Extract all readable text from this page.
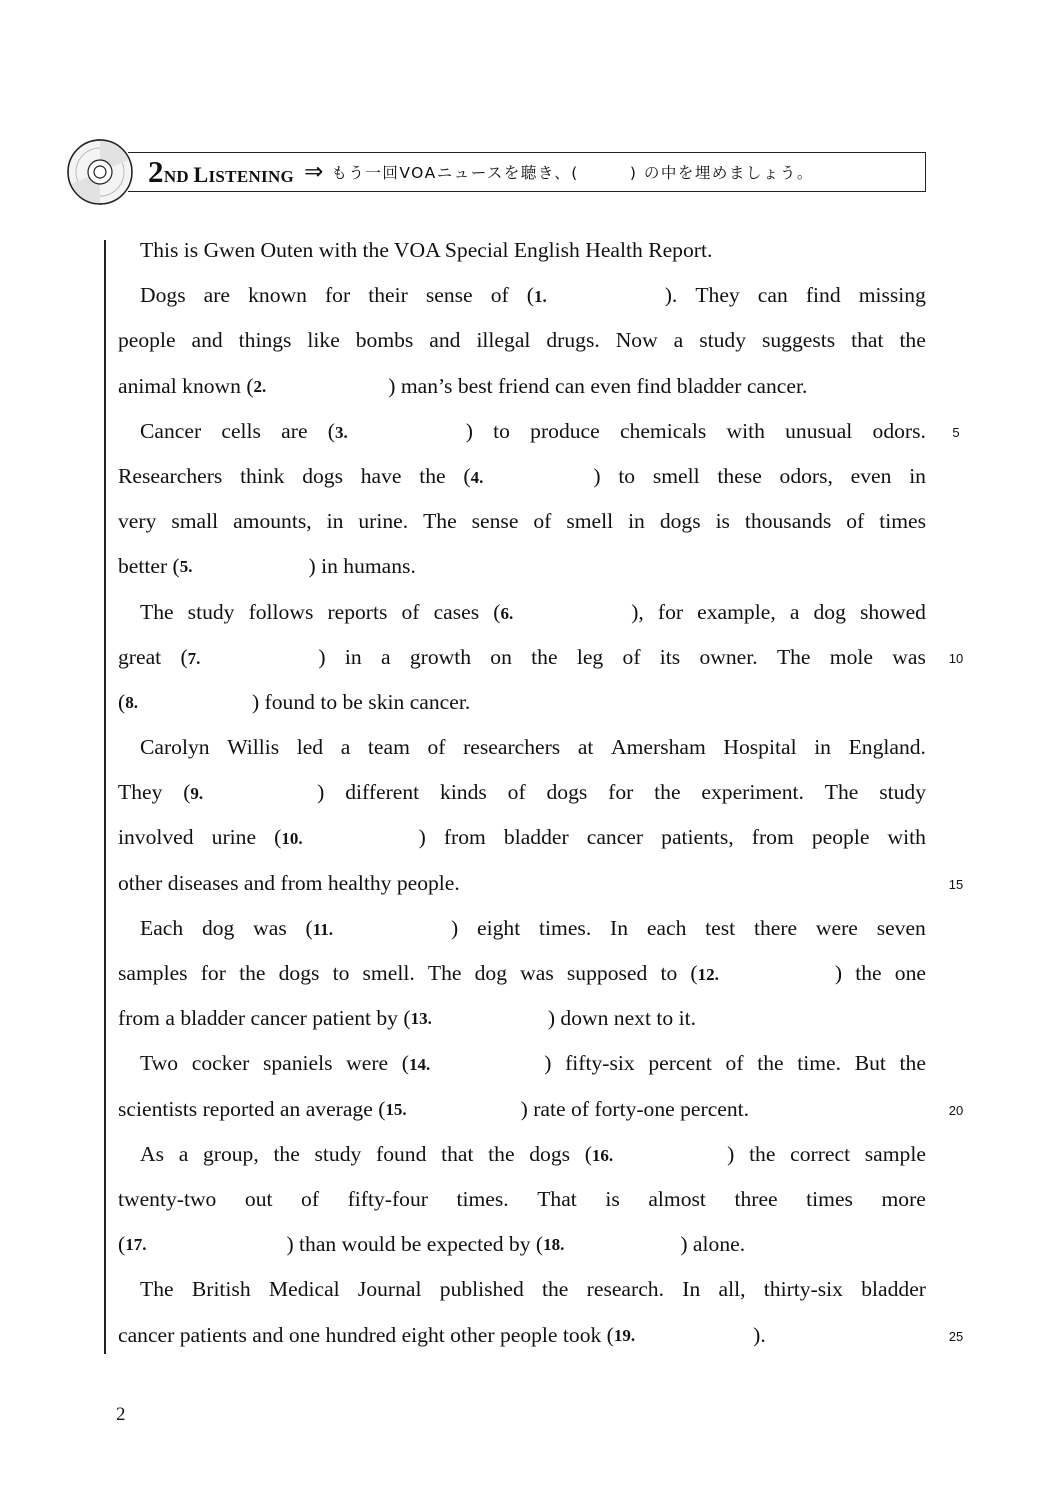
2ND LISTENING ⇒ もう一回VOAニュースを聴き、(　　　) の中を埋めましょう。
This is Gwen Outen with the VOA Special English Health Report.
Dogs are known for their sense of (1.	). They can find missing
people and things like bombs and illegal drugs. Now a study suggests that the
animal known ( 2.	) man’s best friend can even find bladder cancer.
Cancer cells are (3.	) to produce chemicals with unusual odors.
Researchers think dogs have the (4.	) to smell these odors, even in
very small amounts, in urine. The sense of smell in dogs is thousands of times
better ( 5.	) in humans.
The study follows reports of cases (6.	), for example, a dog showed
great (7.	) in a growth on the leg of its owner. The mole was
( 8.	) found to be skin cancer.
Carolyn Willis led a team of researchers at Amersham Hospital in England.
They (9.	) different kinds of dogs for the experiment. The study
involved urine (10.	) from bladder cancer patients, from people with
other diseases and from healthy people.
Each dog was (11.	) eight times. In each test there were seven
samples for the dogs to smell. The dog was supposed to (12.	) the one
from a bladder cancer patient by ( 13.	) down next to it.
Two cocker spaniels were (14.	) fifty-six percent of the time. But the
scientists reported an average ( 15.	) rate of forty-one percent.
As a group, the study found that the dogs (16.	) the correct sample
twenty-two out of fifty-four times. That is almost three times more
( 17.	) than would be expected by ( 18.	) alone.
The British Medical Journal published the research. In all, thirty-six bladder
cancer patients and one hundred eight other people took ( 19.	).
5
10
15
20
25
2
